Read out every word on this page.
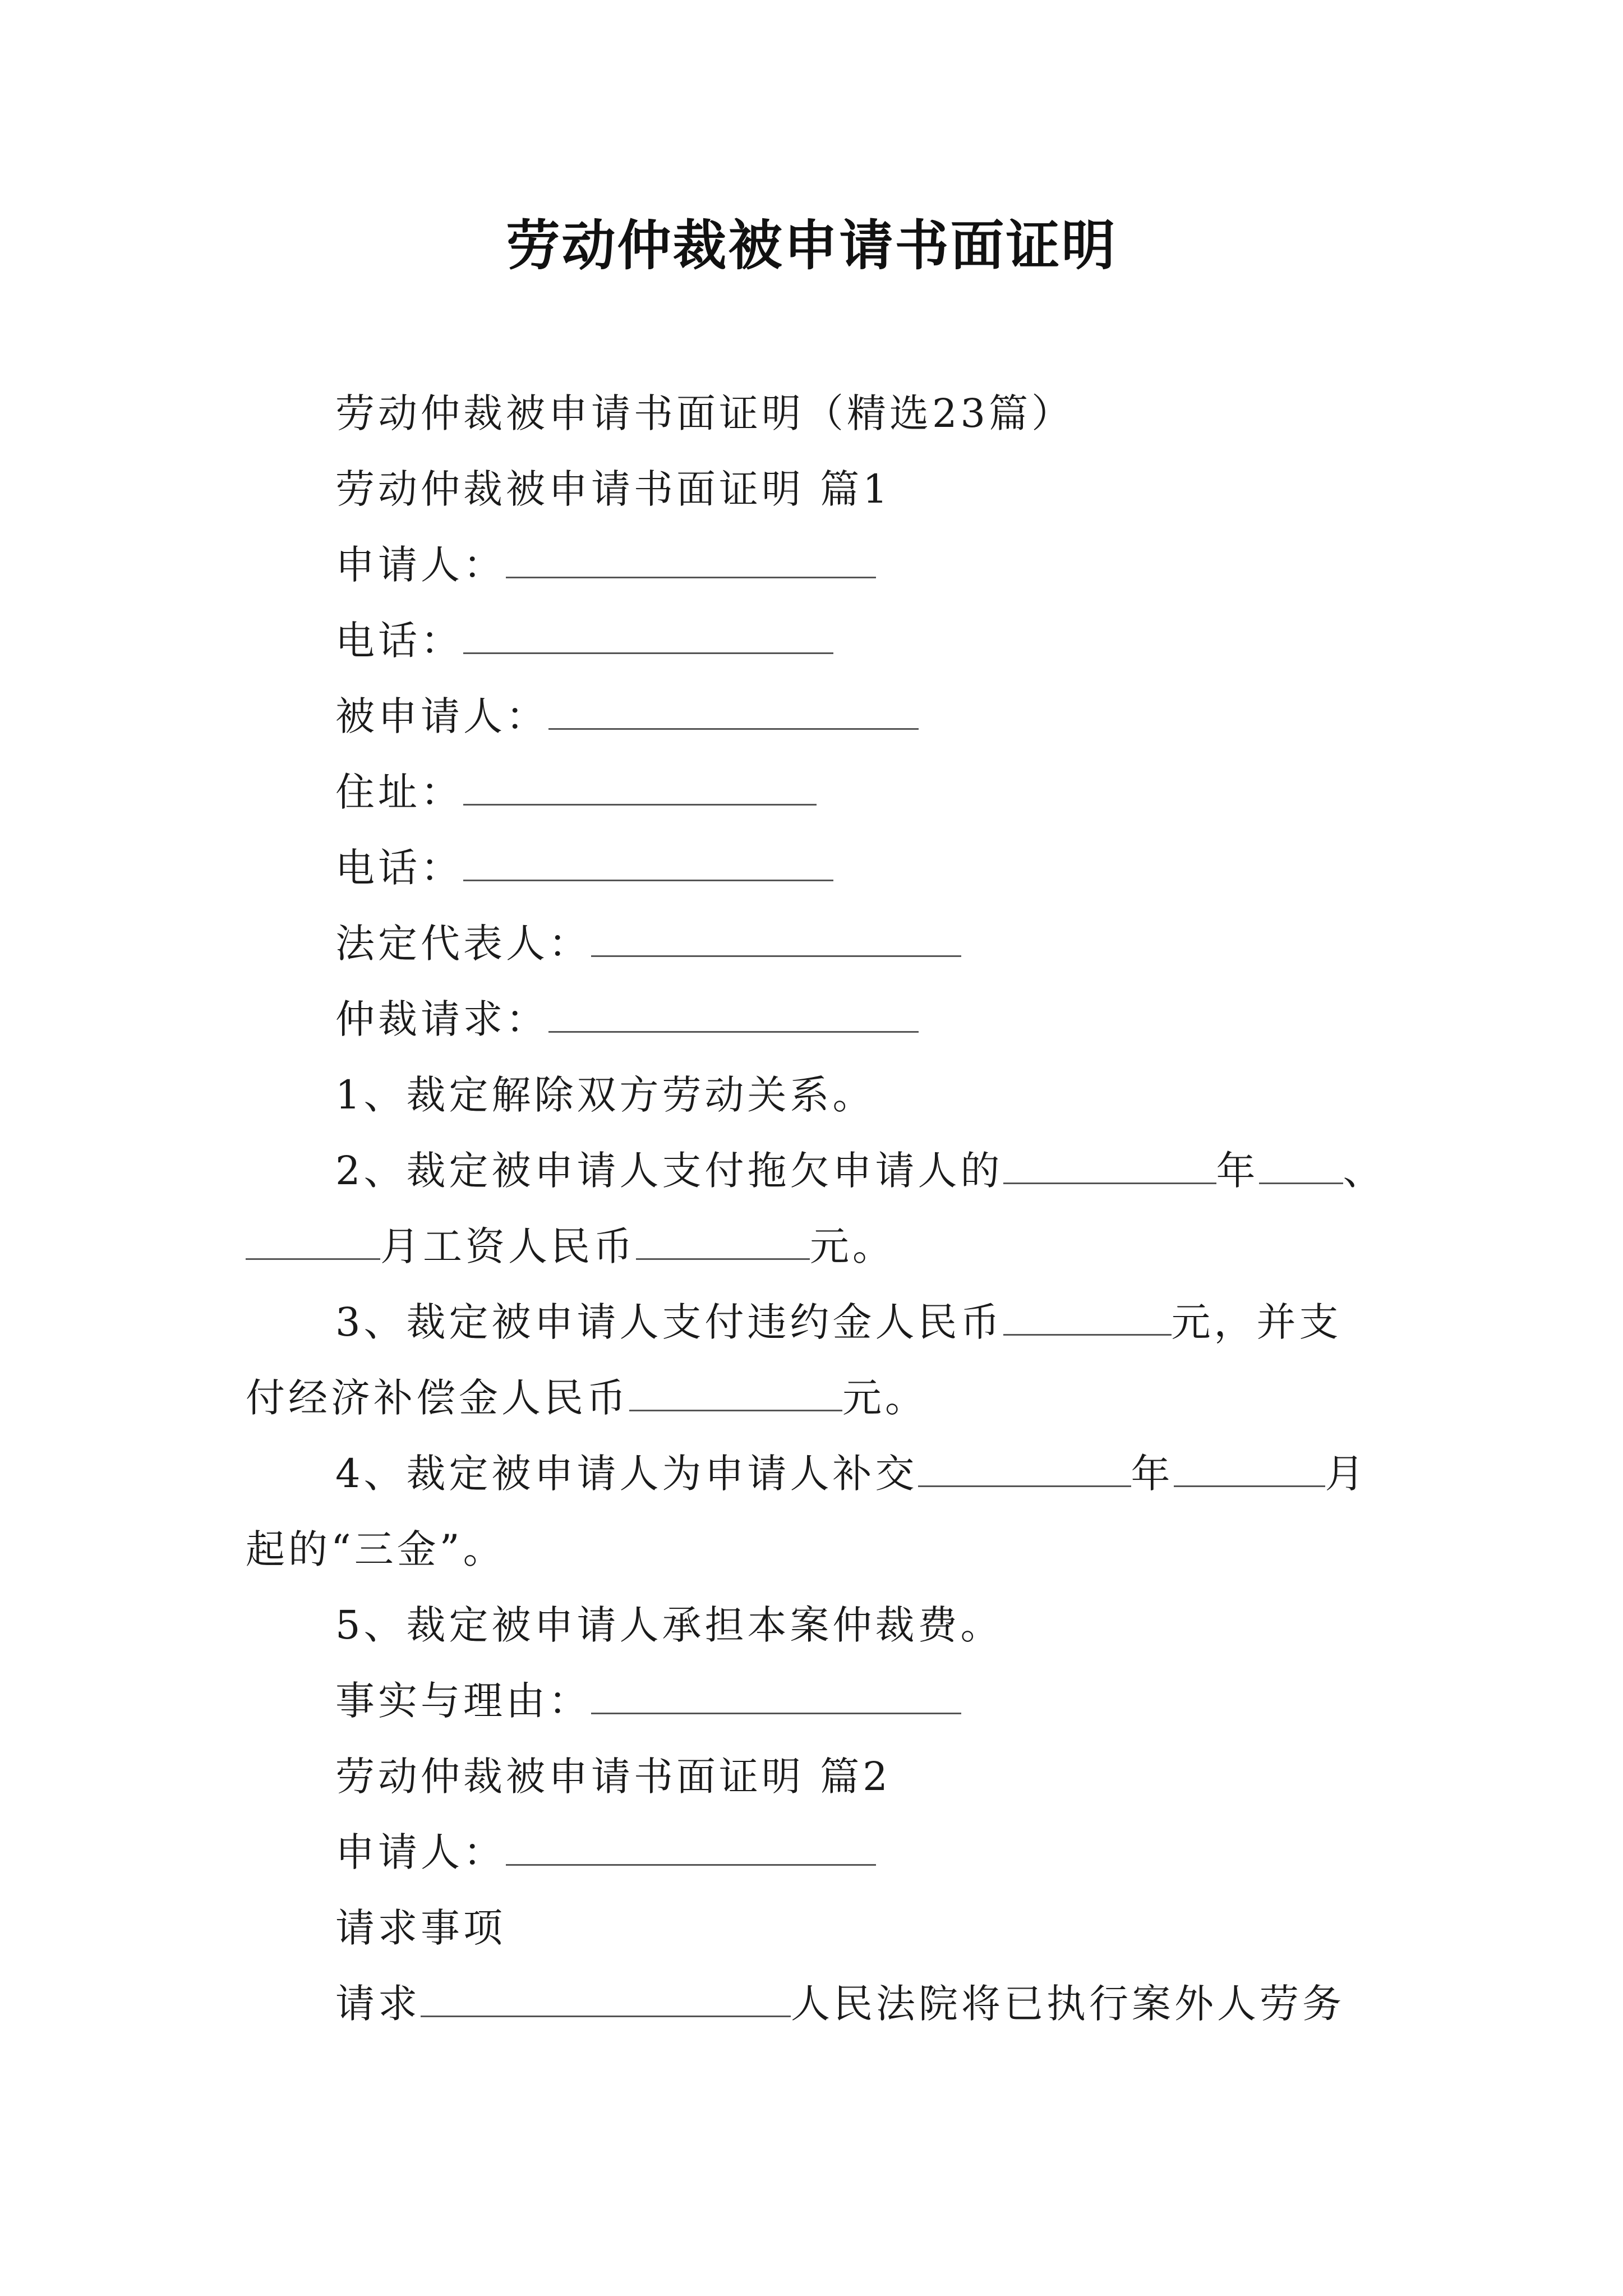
劳动仲裁被申请书面证明
劳动仲裁被申请书面证明（精选23篇）
劳动仲裁被申请书面证明 篇1
申请人：
电话：
被申请人：
住址：
电话：
法定代表人：
仲裁请求：
1、裁定解除双方劳动关系。
2、裁定被申请人支付拖欠申请人的	年 、
月工资人民币	元。
3、裁定被申请人支付违约金人民币	元，并支
付经济补偿金人民币	元。
4、裁定被申请人为申请人补交	年	月
起的“三金”。
5、裁定被申请人承担本案仲裁费。
事实与理由：
劳动仲裁被申请书面证明 篇2
申请人：
请求事项
请求	人民法院将已执行案外人劳务
